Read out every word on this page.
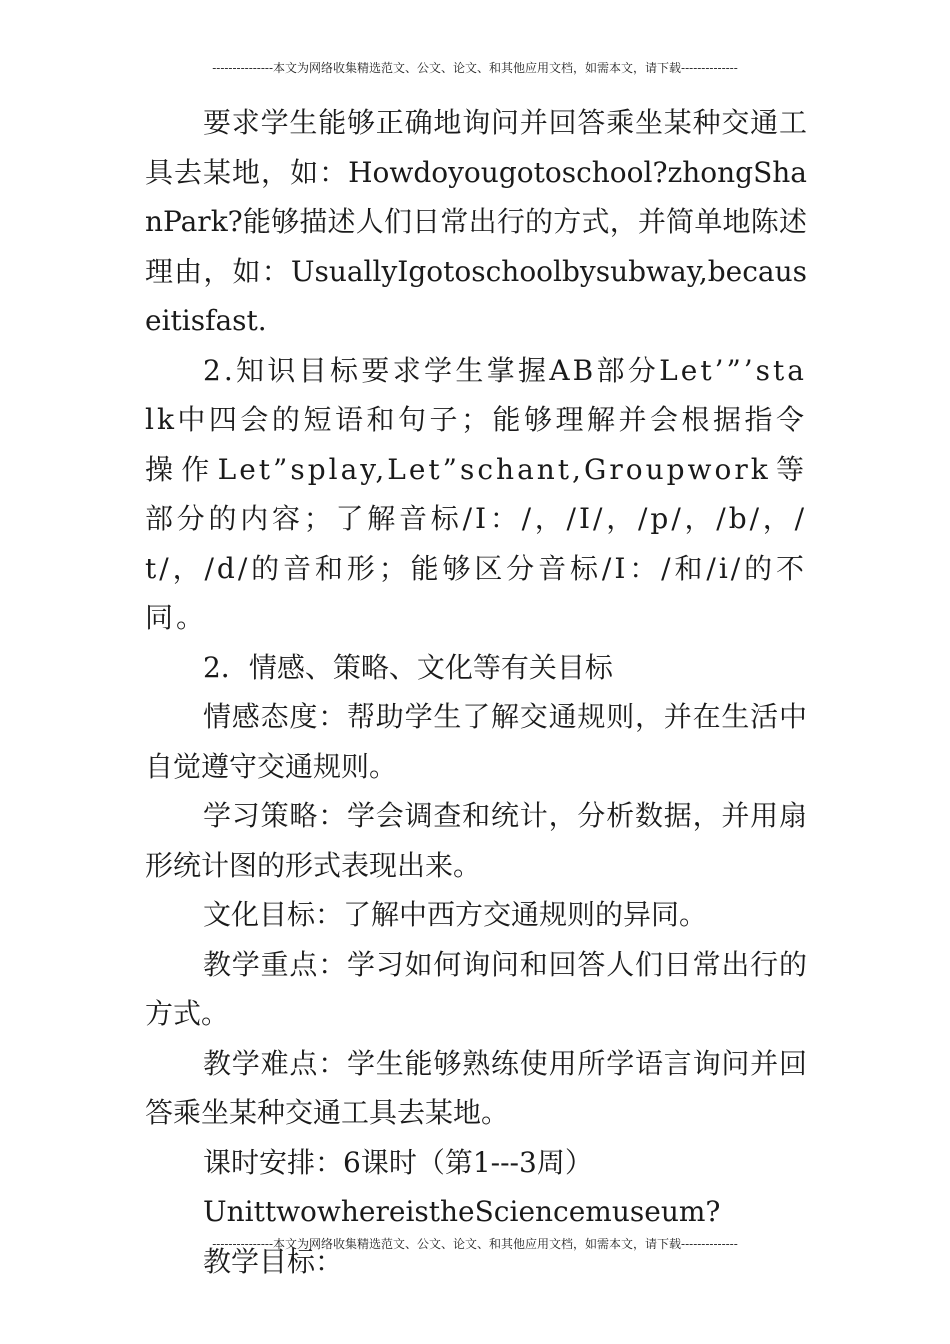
---------------本文为网络收集精选范文、公文、论文、和其他应用文档，如需本文，请下载--------------

要求学生能够正确地询问并回答乘坐某种交通工具去某地，如：Howdoyougotoschool?zhongShanPark?能够描述人们日常出行的方式，并简单地陈述理由，如：UsuallyIgotoschoolbysubway,becauseitisfast.

2.知识目标要求学生掌握AB部分Let’”’stalk中四会的短语和句子；能够理解并会根据指令操作Let”splay,Let”schant,Groupwork等部分的内容；了解音标/I：/，/I/，/p/，/b/，/t/，/d/的音和形；能够区分音标/I：/和/i/的不同。

2．情感、策略、文化等有关目标

情感态度：帮助学生了解交通规则，并在生活中自觉遵守交通规则。

学习策略：学会调查和统计，分析数据，并用扇形统计图的形式表现出来。

文化目标：了解中西方交通规则的异同。

教学重点：学习如何询问和回答人们日常出行的方式。

教学难点：学生能够熟练使用所学语言询问并回答乘坐某种交通工具去某地。

课时安排：6课时（第1---3周）

UnittwowhereistheSciencemuseum?

教学目标：

---------------本文为网络收集精选范文、公文、论文、和其他应用文档，如需本文，请下载--------------
